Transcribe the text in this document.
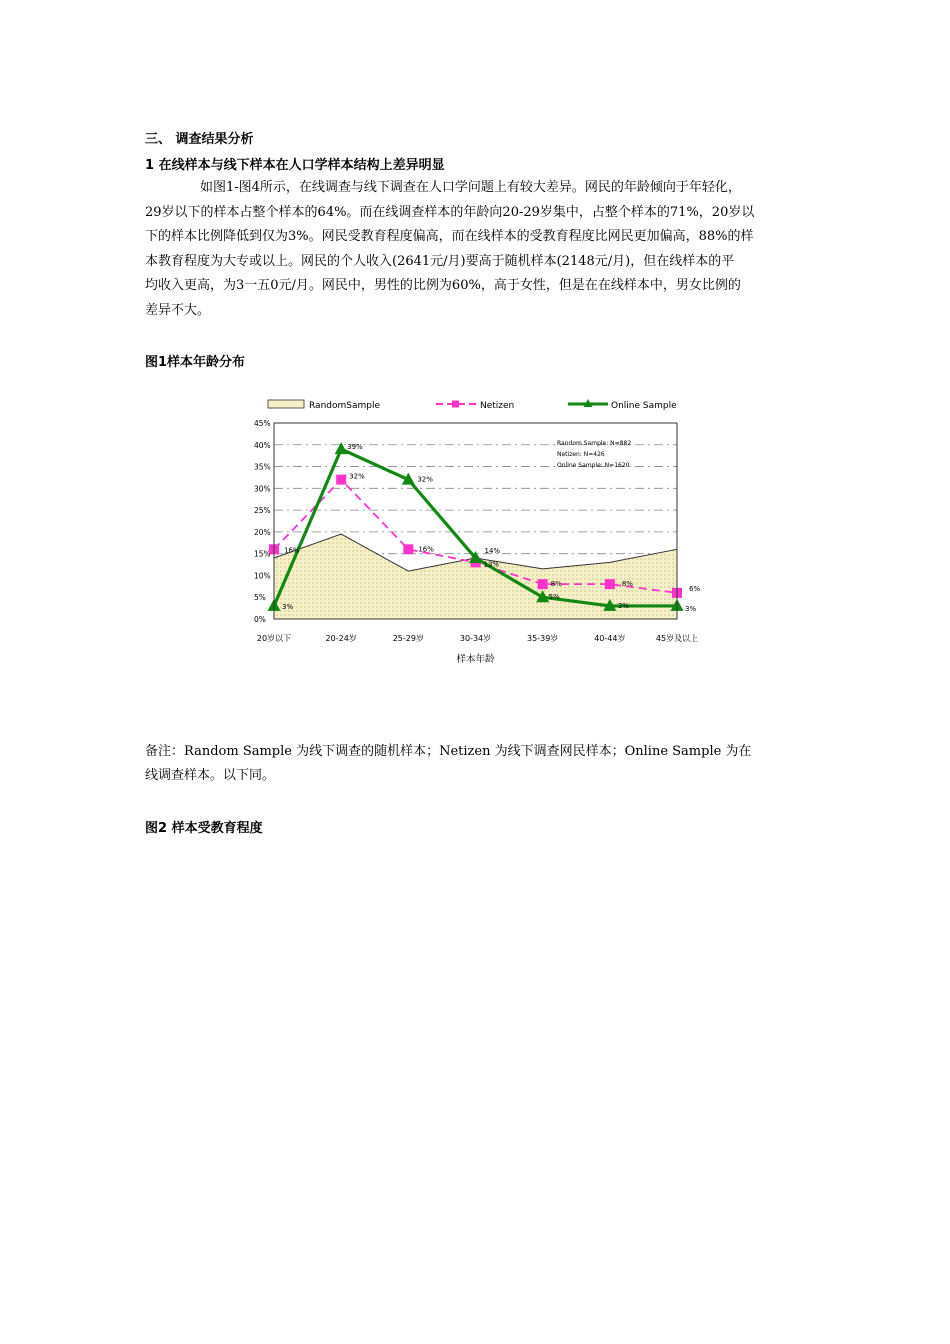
三、 调查结果分析
1 在线样本与线下样本在人口学样本结构上差异明显
如图1-图4所示，在线调查与线下调查在人口学问题上有较大差异。网民的年龄倾向于年轻化，
29岁以下的样本占整个样本的64%。而在线调查样本的年龄向20-29岁集中，占整个样本的71%，20岁以
下的样本比例降低到仅为3%。网民受教育程度偏高，而在线样本的受教育程度比网民更加偏高，88%的样
本教育程度为大专或以上。网民的个人收入(2641元/月)要高于随机样本(2148元/月)，但在线样本的平
均收入更高，为3一五0元/月。网民中，男性的比例为60%，高于女性，但是在在线样本中，男女比例的
差异不大。
图1样本年龄分布
RandomSample	Netizen	Online Sample
16%
32%
16%
13%
8%	8%
6%
3%
39%
32%
14%
5%
3%	3%
Random Sample: N=882
Netizen: N=426
Online Sample: N=1620
0%
5%
10%
15%
20%
25%
30%
35%
40%
45%
20岁以下	20-24岁	25-29岁	30-34岁	35-39岁	40-44岁	45岁及以上
样本年龄
备注：Random Sample 为线下调查的随机样本；Netizen 为线下调查网民样本；Online Sample 为在
线调查样本。以下同。
图2 样本受教育程度
